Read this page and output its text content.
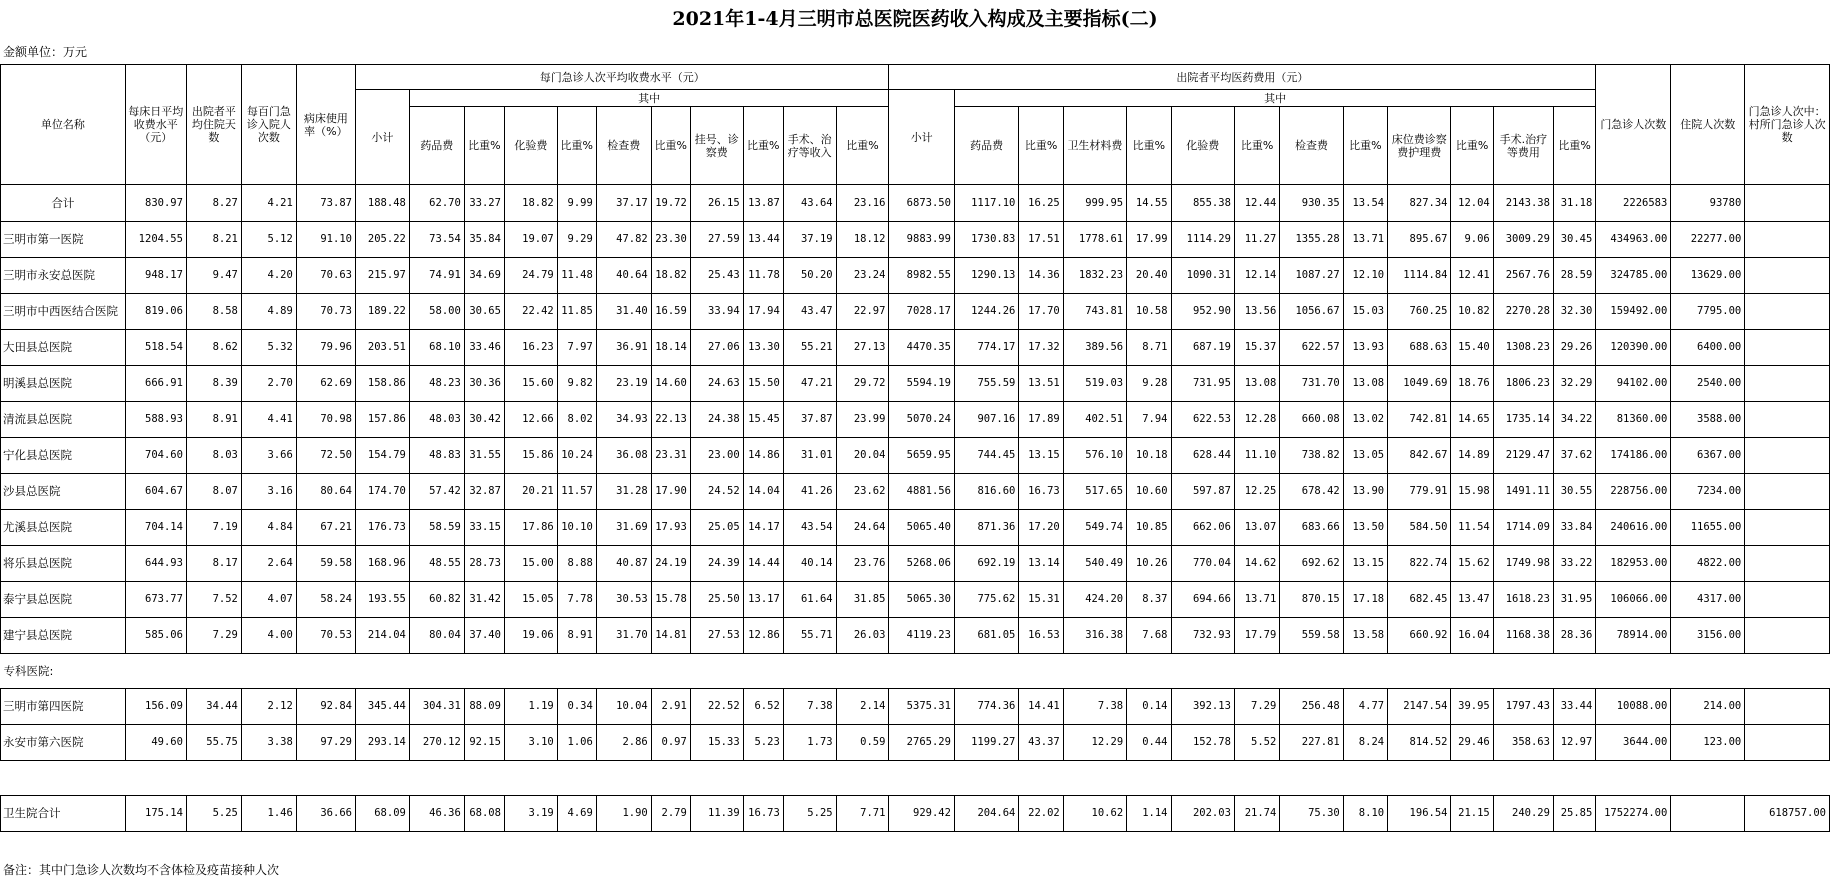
2021年1-4月三明市总医院医药收入构成及主要指标(二)
金额单位：万元
单位名称	每床日平均收费水平（元）	出院者平均住院天数	每百门急诊入院人次数	病床使用率（%）	每门急诊人次平均收费水平（元）											出院者平均医药费用（元）													门急诊人次数	住院人次数	门急诊人次中：村所门急诊人次数
					小计	其中										小计	其中														
						药品费	比重%	化验费	比重%	检查费	比重%	挂号、诊察费	比重%	手术、治疗等收入	比重%		药品费	比重%	卫生材料费	比重%	化验费	比重%	检查费	比重%	床位费诊察费护理费	比重%	手术.治疗等费用	比重%			
合计	830.97	8.27	4.21	73.87	188.48	62.70	33.27	18.82	9.99	37.17	19.72	26.15	13.87	43.64	23.16	6873.50	1117.10	16.25	999.95	14.55	855.38	12.44	930.35	13.54	827.34	12.04	2143.38	31.18	2226583	93780	
三明市第一医院	1204.55	8.21	5.12	91.10	205.22	73.54	35.84	19.07	9.29	47.82	23.30	27.59	13.44	37.19	18.12	9883.99	1730.83	17.51	1778.61	17.99	1114.29	11.27	1355.28	13.71	895.67	9.06	3009.29	30.45	434963.00	22277.00	
三明市永安总医院	948.17	9.47	4.20	70.63	215.97	74.91	34.69	24.79	11.48	40.64	18.82	25.43	11.78	50.20	23.24	8982.55	1290.13	14.36	1832.23	20.40	1090.31	12.14	1087.27	12.10	1114.84	12.41	2567.76	28.59	324785.00	13629.00	
三明市中西医结合医院	819.06	8.58	4.89	70.73	189.22	58.00	30.65	22.42	11.85	31.40	16.59	33.94	17.94	43.47	22.97	7028.17	1244.26	17.70	743.81	10.58	952.90	13.56	1056.67	15.03	760.25	10.82	2270.28	32.30	159492.00	7795.00	
大田县总医院	518.54	8.62	5.32	79.96	203.51	68.10	33.46	16.23	7.97	36.91	18.14	27.06	13.30	55.21	27.13	4470.35	774.17	17.32	389.56	8.71	687.19	15.37	622.57	13.93	688.63	15.40	1308.23	29.26	120390.00	6400.00	
明溪县总医院	666.91	8.39	2.70	62.69	158.86	48.23	30.36	15.60	9.82	23.19	14.60	24.63	15.50	47.21	29.72	5594.19	755.59	13.51	519.03	9.28	731.95	13.08	731.70	13.08	1049.69	18.76	1806.23	32.29	94102.00	2540.00	
清流县总医院	588.93	8.91	4.41	70.98	157.86	48.03	30.42	12.66	8.02	34.93	22.13	24.38	15.45	37.87	23.99	5070.24	907.16	17.89	402.51	7.94	622.53	12.28	660.08	13.02	742.81	14.65	1735.14	34.22	81360.00	3588.00	
宁化县总医院	704.60	8.03	3.66	72.50	154.79	48.83	31.55	15.86	10.24	36.08	23.31	23.00	14.86	31.01	20.04	5659.95	744.45	13.15	576.10	10.18	628.44	11.10	738.82	13.05	842.67	14.89	2129.47	37.62	174186.00	6367.00	
沙县总医院	604.67	8.07	3.16	80.64	174.70	57.42	32.87	20.21	11.57	31.28	17.90	24.52	14.04	41.26	23.62	4881.56	816.60	16.73	517.65	10.60	597.87	12.25	678.42	13.90	779.91	15.98	1491.11	30.55	228756.00	7234.00	
尤溪县总医院	704.14	7.19	4.84	67.21	176.73	58.59	33.15	17.86	10.10	31.69	17.93	25.05	14.17	43.54	24.64	5065.40	871.36	17.20	549.74	10.85	662.06	13.07	683.66	13.50	584.50	11.54	1714.09	33.84	240616.00	11655.00	
将乐县总医院	644.93	8.17	2.64	59.58	168.96	48.55	28.73	15.00	8.88	40.87	24.19	24.39	14.44	40.14	23.76	5268.06	692.19	13.14	540.49	10.26	770.04	14.62	692.62	13.15	822.74	15.62	1749.98	33.22	182953.00	4822.00	
泰宁县总医院	673.77	7.52	4.07	58.24	193.55	60.82	31.42	15.05	7.78	30.53	15.78	25.50	13.17	61.64	31.85	5065.30	775.62	15.31	424.20	8.37	694.66	13.71	870.15	17.18	682.45	13.47	1618.23	31.95	106066.00	4317.00	
建宁县总医院	585.06	7.29	4.00	70.53	214.04	80.04	37.40	19.06	8.91	31.70	14.81	27.53	12.86	55.71	26.03	4119.23	681.05	16.53	316.38	7.68	732.93	17.79	559.58	13.58	660.92	16.04	1168.38	28.36	78914.00	3156.00	
专科医院:																															
三明市第四医院	156.09	34.44	2.12	92.84	345.44	304.31	88.09	1.19	0.34	10.04	2.91	22.52	6.52	7.38	2.14	5375.31	774.36	14.41	7.38	0.14	392.13	7.29	256.48	4.77	2147.54	39.95	1797.43	33.44	10088.00	214.00	
永安市第六医院	49.60	55.75	3.38	97.29	293.14	270.12	92.15	3.10	1.06	2.86	0.97	15.33	5.23	1.73	0.59	2765.29	1199.27	43.37	12.29	0.44	152.78	5.52	227.81	8.24	814.52	29.46	358.63	12.97	3644.00	123.00	

卫生院合计	175.14	5.25	1.46	36.66	68.09	46.36	68.08	3.19	4.69	1.90	2.79	11.39	16.73	5.25	7.71	929.42	204.64	22.02	10.62	1.14	202.03	21.74	75.30	8.10	196.54	21.15	240.29	25.85	1752274.00		618757.00
备注：其中门急诊人次数均不含体检及疫苗接种人次
